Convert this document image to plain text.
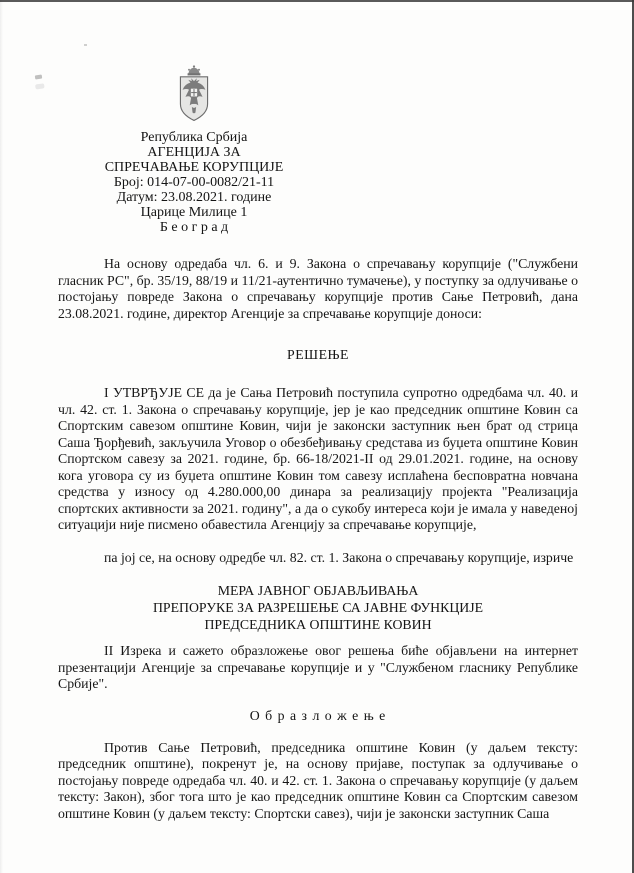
Република Србија
АГЕНЦИЈА ЗА
СПРЕЧАВАЊЕ КОРУПЦИЈЕ
Број: 014-07-00-0082/21-11
Датум: 23.08.2021. године
Царице Милице 1
Б е о г р а д

На основу одредаба чл. 6. и 9. Закона о спречавању корупције ("Службени гласник РС", бр. 35/19, 88/19 и 11/21-аутентично тумачење), у поступку за одлучивање о постојању повреде Закона о спречавању корупције против Сање Петровић, дана 23.08.2021. године, директор Агенције за спречавање корупције доноси:

РЕШЕЊЕ

I УТВРЂУЈЕ СЕ да је Сања Петровић поступила супротно одредбама чл. 40. и чл. 42. ст. 1. Закона о спречавању корупције, јер је као председник општине Ковин са Спортским савезом општине Ковин, чији је законски заступник њен брат од стрица Саша Ђорђевић, закључила Уговор о обезбеђивању средстава из буџета општине Ковин Спортском савезу за 2021. године, бр. 66-18/2021-II од 29.01.2021. године, на основу кога уговора су из буџета општине Ковин том савезу исплаћена бесповратна новчана средства у износу од 4.280.000,00 динара за реализацију пројекта "Реализација спортских активности за 2021. годину", а да о сукобу интереса који је имала у наведеној ситуацији није писмено обавестила Агенцију за спречавање корупције,

па јој се, на основу одредбе чл. 82. ст. 1. Закона о спречавању корупције, изриче

МЕРА ЈАВНОГ ОБЈАВЉИВАЊА

ПРЕПОРУКЕ ЗА РАЗРЕШЕЊЕ СА ЈАВНЕ ФУНКЦИЈЕ

ПРЕДСЕДНИКА ОПШТИНЕ КОВИН

II Изрека и сажето образложење овог решења биће објављени на интернет презентацији Агенције за спречавање корупције и у "Службеном гласнику Републике Србије".

О б р а з л о ж е њ е

Против Сање Петровић, председника општине Ковин (у даљем тексту: председник општине), покренут је, на основу пријаве, поступак за одлучивање о постојању повреде одредаба чл. 40. и 42. ст. 1. Закона о спречавању корупције (у даљем тексту: Закон), због тога што је као председник општине Ковин са Спортским савезом општине Ковин (у даљем тексту: Спортски савез), чији је законски заступник Саша
